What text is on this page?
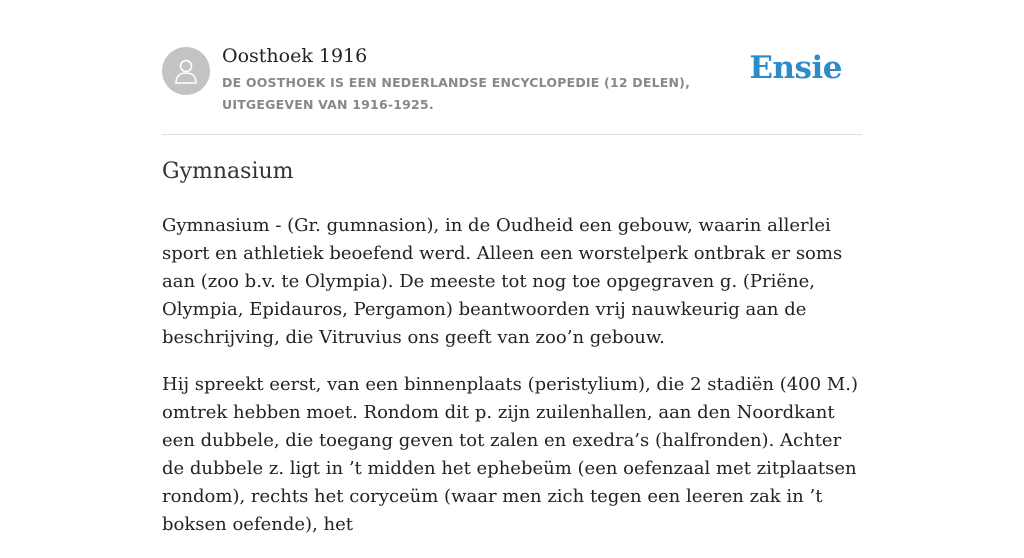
Oosthoek 1916
DE OOSTHOEK IS EEN NEDERLANDSE ENCYCLOPEDIE (12 DELEN), UITGEGEVEN VAN 1916-1925.
Ensie
Gymnasium

Gymnasium - (Gr. gumnasion), in de Oudheid een gebouw, waarin allerlei sport en athletiek beoefend werd. Alleen een worstelperk ontbrak er soms aan (zoo b.v. te Olympia). De meeste tot nog toe opgegraven g. (Priëne, Olympia, Epidauros, Pergamon) beantwoorden vrij nauwkeurig aan de beschrijving, die Vitruvius ons geeft van zoo’n gebouw.

Hij spreekt eerst, van een binnenplaats (peristylium), die 2 stadiën (400 M.) omtrek hebben moet. Rondom dit p. zijn zuilenhallen, aan den Noordkant een dubbele, die toegang geven tot zalen en exedra’s (halfronden). Achter de dubbele z. ligt in ’t midden het ephebeüm (een oefenzaal met zitplaatsen rondom), rechts het coryceüm (waar men zich tegen een leeren zak in ’t boksen oefende), het
